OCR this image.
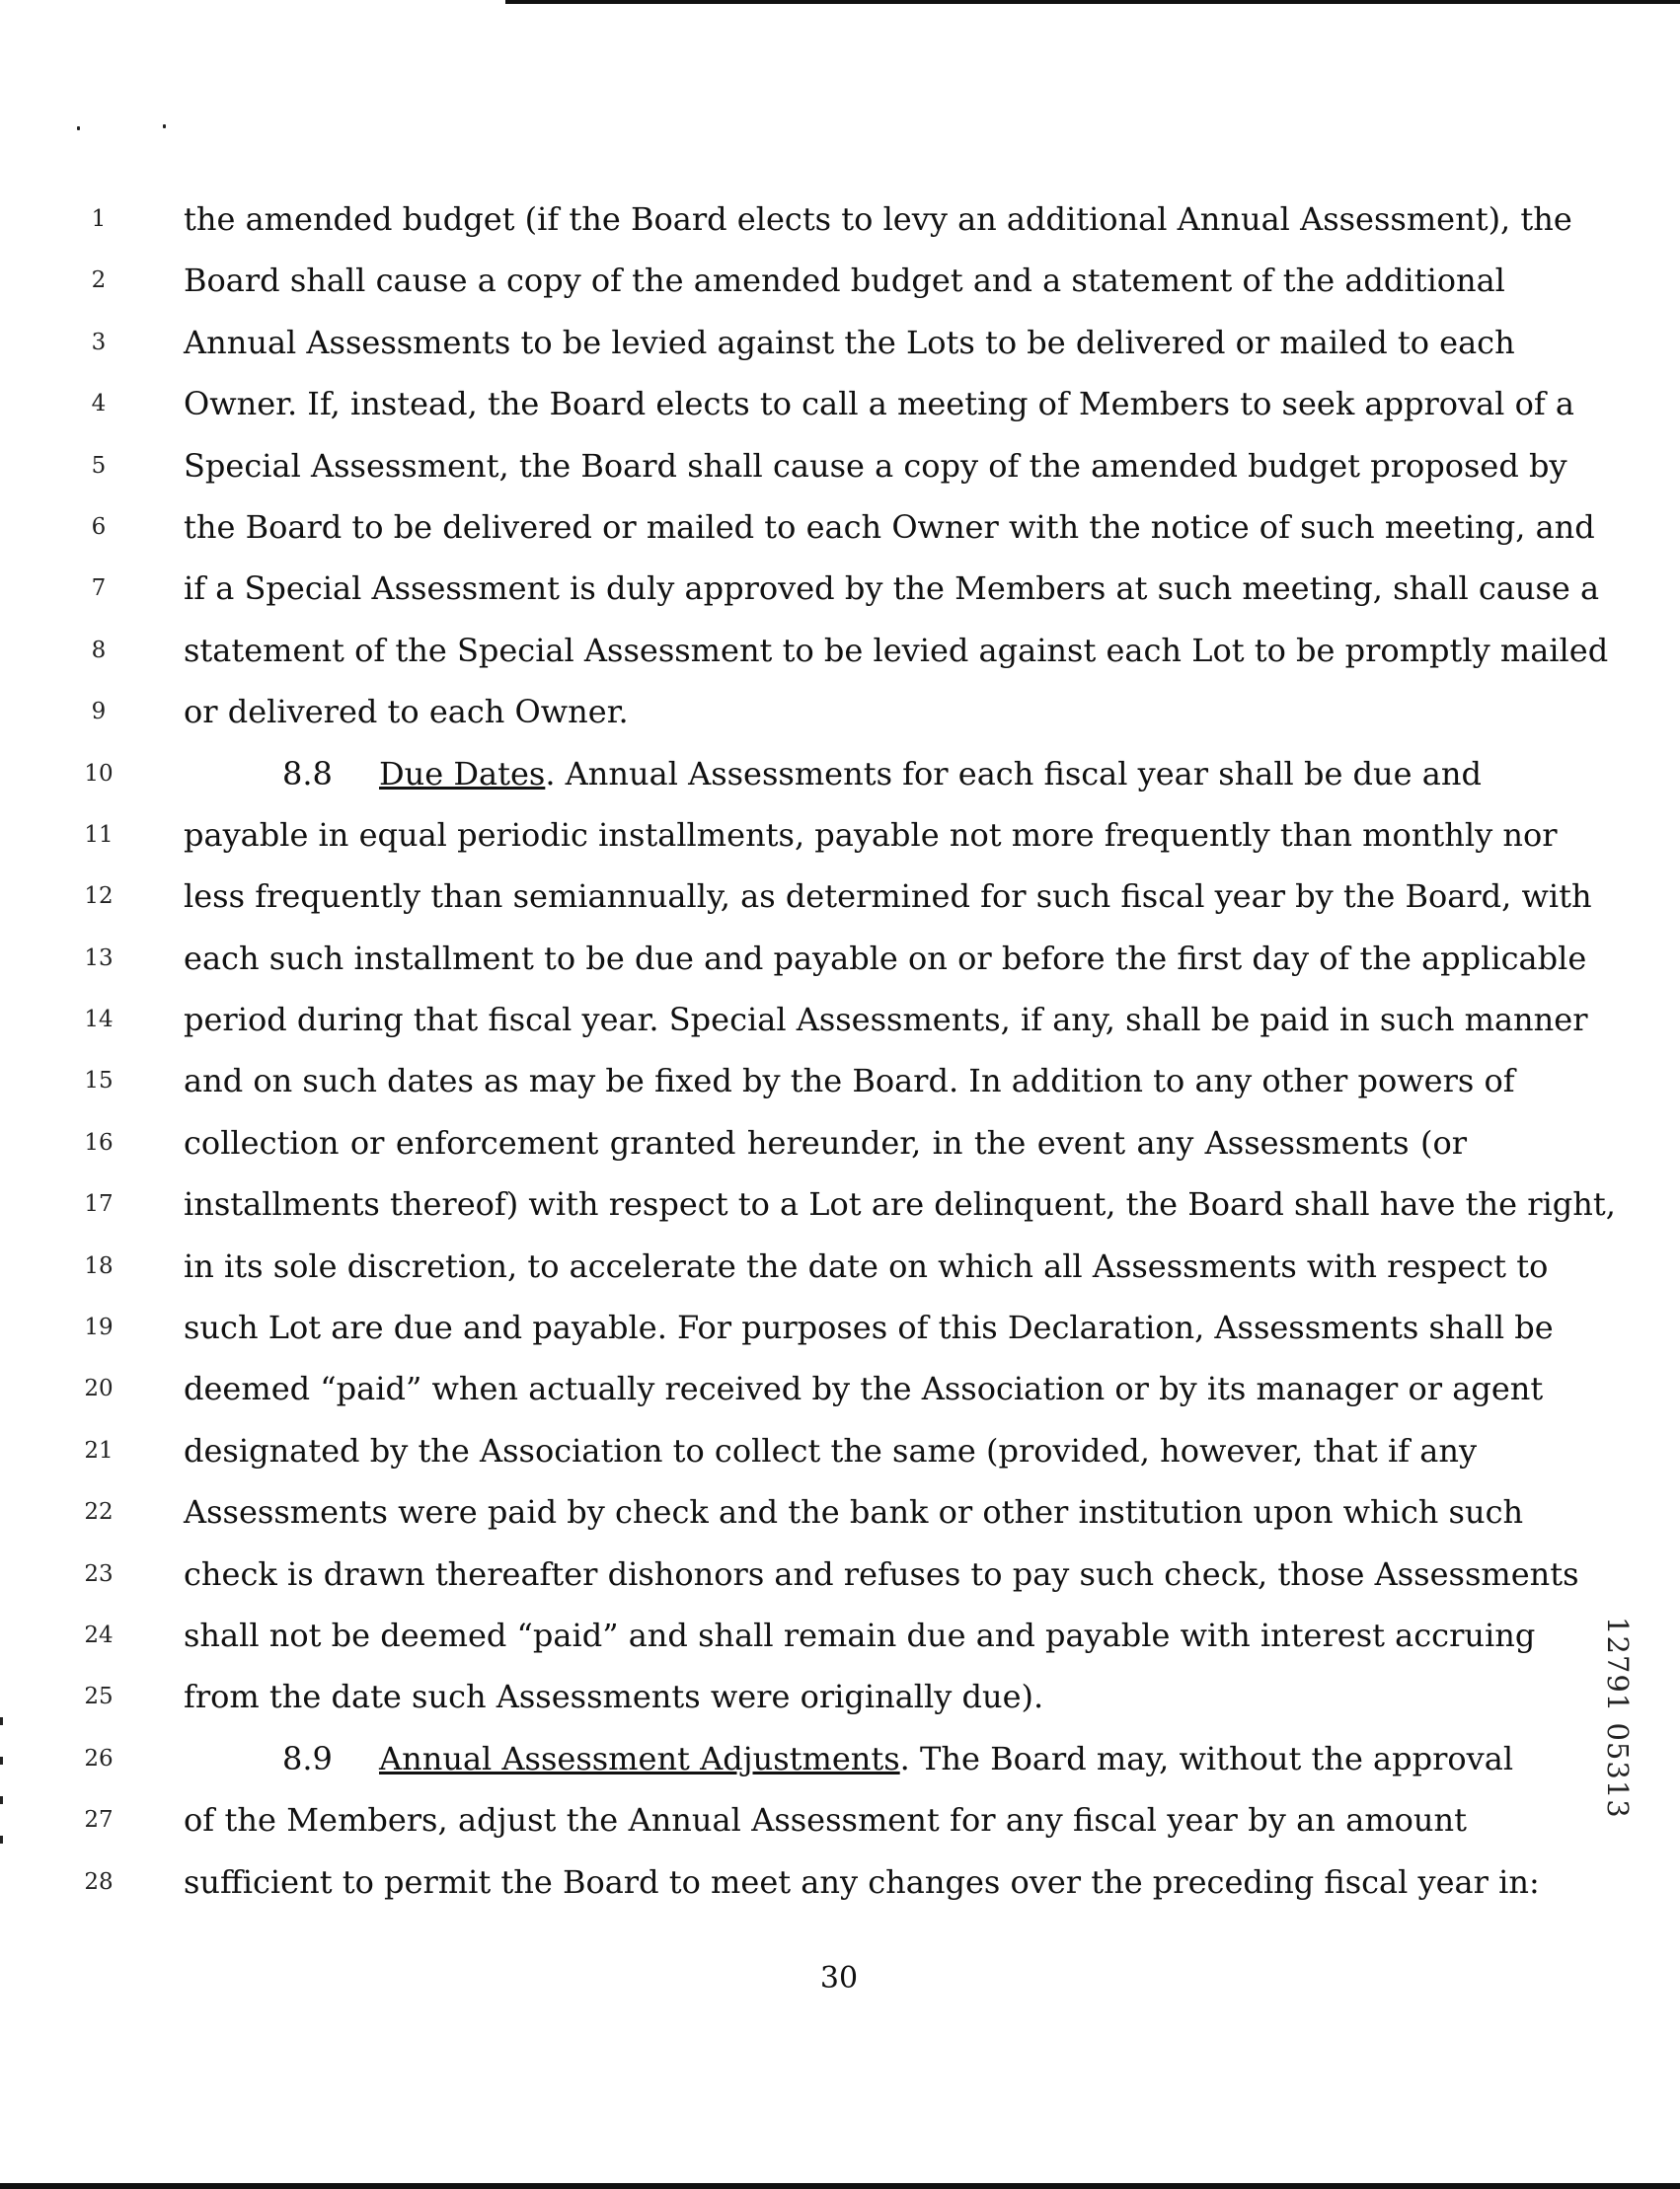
1
2
3
4
5
6
7
8
9
10
11
12
13
14
15
16
17
18
19
20
21
22
23
24
25
26
27
28
the amended budget (if the Board elects to levy an additional Annual Assessment), the
Board shall cause a copy of the amended budget and a statement of the additional
Annual Assessments to be levied against the Lots to be delivered or mailed to each
Owner. If, instead, the Board elects to call a meeting of Members to seek approval of a
Special Assessment, the Board shall cause a copy of the amended budget proposed by
the Board to be delivered or mailed to each Owner with the notice of such meeting, and
if a Special Assessment is duly approved by the Members at such meeting, shall cause a
statement of the Special Assessment to be levied against each Lot to be promptly mailed
or delivered to each Owner.
8.8 Due Dates. Annual Assessments for each fiscal year shall be due and
payable in equal periodic installments, payable not more frequently than monthly nor
less frequently than semiannually, as determined for such fiscal year by the Board, with
each such installment to be due and payable on or before the first day of the applicable
period during that fiscal year. Special Assessments, if any, shall be paid in such manner
and on such dates as may be fixed by the Board. In addition to any other powers of
collection or enforcement granted hereunder, in the event any Assessments (or
installments thereof) with respect to a Lot are delinquent, the Board shall have the right,
in its sole discretion, to accelerate the date on which all Assessments with respect to
such Lot are due and payable. For purposes of this Declaration, Assessments shall be
deemed “paid” when actually received by the Association or by its manager or agent
designated by the Association to collect the same (provided, however, that if any
Assessments were paid by check and the bank or other institution upon which such
check is drawn thereafter dishonors and refuses to pay such check, those Assessments
shall not be deemed “paid” and shall remain due and payable with interest accruing
from the date such Assessments were originally due).
8.9 Annual Assessment Adjustments. The Board may, without the approval
of the Members, adjust the Annual Assessment for any fiscal year by an amount
sufficient to permit the Board to meet any changes over the preceding fiscal year in:
30
12791 05313
